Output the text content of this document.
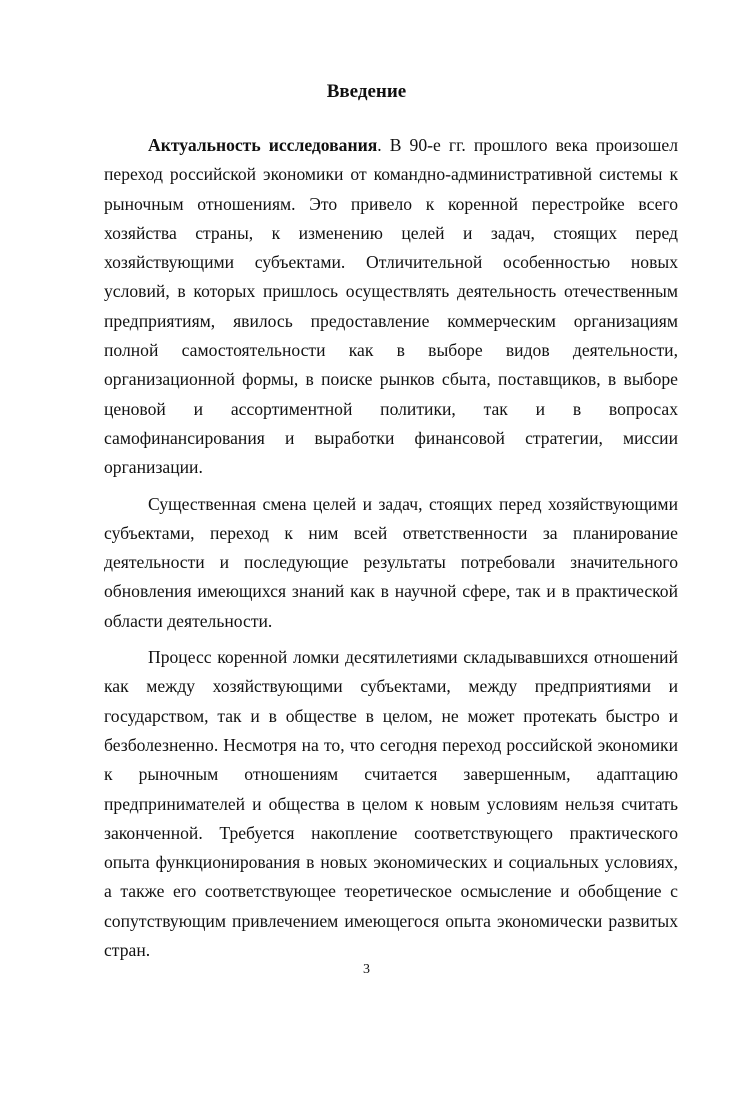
Введение

Актуальность исследования. В 90-е гг. прошлого века произошел переход российской экономики от командно-административной системы к рыночным отношениям. Это привело к коренной перестройке всего хозяйства страны, к изменению целей и задач, стоящих перед хозяйствующими субъектами. Отличительной особенностью новых условий, в которых пришлось осуществлять деятельность отечественным предприятиям, явилось предоставление коммерческим организациям полной самостоятельности как в выборе видов деятельности, организационной формы, в поиске рынков сбыта, поставщиков, в выборе ценовой и ассортиментной политики, так и в вопросах самофинансирования и выработки финансовой стратегии, миссии организации.

Существенная смена целей и задач, стоящих перед хозяйствующими субъектами, переход к ним всей ответственности за планирование деятельности и последующие результаты потребовали значительного обновления имеющихся знаний как в научной сфере, так и в практической области деятельности.

Процесс коренной ломки десятилетиями складывавшихся отношений как между хозяйствующими субъектами, между предприятиями и государством, так и в обществе в целом, не может протекать быстро и безболезненно. Несмотря на то, что сегодня переход российской экономики к рыночным отношениям считается завершенным, адаптацию предпринимателей и общества в целом к новым условиям нельзя считать законченной. Требуется накопление соответствующего практического опыта функционирования в новых экономических и социальных условиях, а также его соответствующее теоретическое осмысление и обобщение с сопутствующим привлечением имеющегося опыта экономически развитых стран.

3
